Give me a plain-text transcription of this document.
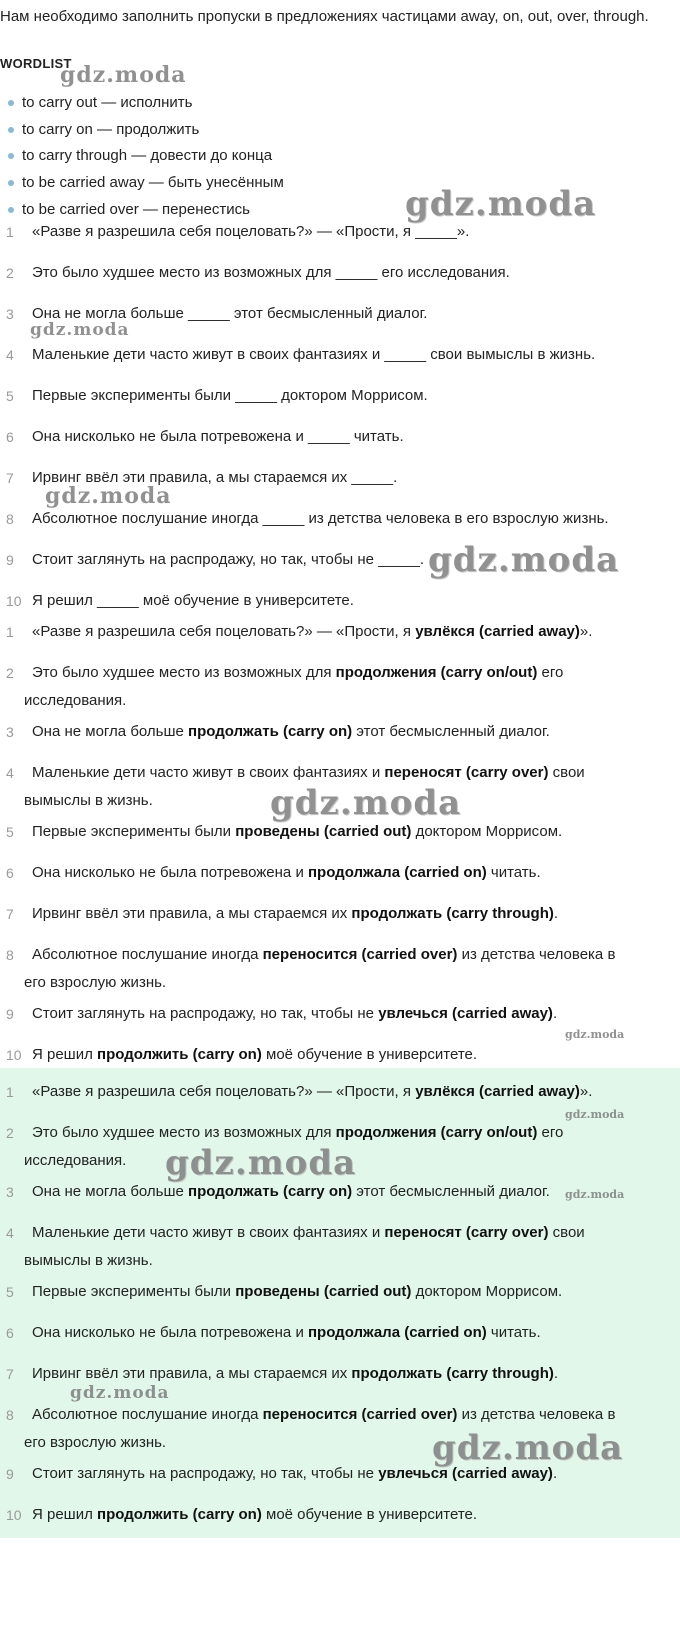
Нам необходимо заполнить пропуски в предложениях частицами away, on, out, over, through.
WORDLIST
to carry out — исполнить
to carry on — продолжить
to carry through — довести до конца
to be carried away — быть унесённым
to be carried over — перенестись
1	«Разве я разрешила себя поцеловать?» — «Прости, я _____».
2	Это было худшее место из возможных для _____ его исследования.
3	Она не могла больше _____ этот бесмысленный диалог.
4	Маленькие дети часто живут в своих фантазиях и _____ свои вымыслы в жизнь.
5	Первые эксперименты были _____ доктором Моррисом.
6	Она нисколько не была потревожена и _____ читать.
7	Ирвинг ввёл эти правила, а мы стараемся их _____.
8	Абсолютное послушание иногда _____ из детства человека в его взрослую жизнь.
9	Стоит заглянуть на распродажу, но так, чтобы не _____.
10 Я решил _____ моё обучение в университете.
1	«Разве я разрешила себя поцеловать?» — «Прости, я увлёкся (carried away)».
2	Это было худшее место из возможных для продолжения (carry on/out) его
исследования.
3	Она не могла больше продолжать (carry on) этот бесмысленный диалог.
4	Маленькие дети часто живут в своих фантазиях и переносят (carry over) свои
вымыслы в жизнь.
5	Первые эксперименты были проведены (carried out) доктором Моррисом.
6	Она нисколько не была потревожена и продолжала (carried on) читать.
7	Ирвинг ввёл эти правила, а мы стараемся их продолжать (carry through).
8	Абсолютное послушание иногда переносится (carried over) из детства человека в
его взрослую жизнь.
9	Стоит заглянуть на распродажу, но так, чтобы не увлечься (carried away).
10 Я решил продолжить (carry on) моё обучение в университете.
1	«Разве я разрешила себя поцеловать?» — «Прости, я увлёкся (carried away)».
2	Это было худшее место из возможных для продолжения (carry on/out) его
исследования.
3	Она не могла больше продолжать (carry on) этот бесмысленный диалог.
4	Маленькие дети часто живут в своих фантазиях и переносят (carry over) свои
вымыслы в жизнь.
5	Первые эксперименты были проведены (carried out) доктором Моррисом.
6	Она нисколько не была потревожена и продолжала (carried on) читать.
7	Ирвинг ввёл эти правила, а мы стараемся их продолжать (carry through).
8	Абсолютное послушание иногда переносится (carried over) из детства человека в
его взрослую жизнь.
9	Стоит заглянуть на распродажу, но так, чтобы не увлечься (carried away).
10 Я решил продолжить (carry on) моё обучение в университете.
gdz.moda
gdz.moda
gdz.moda
gdz.moda
gdz.moda
gdz.moda
gdz.moda
gdz.moda
gdz.moda
gdz.moda
gdz.moda
gdz.moda
